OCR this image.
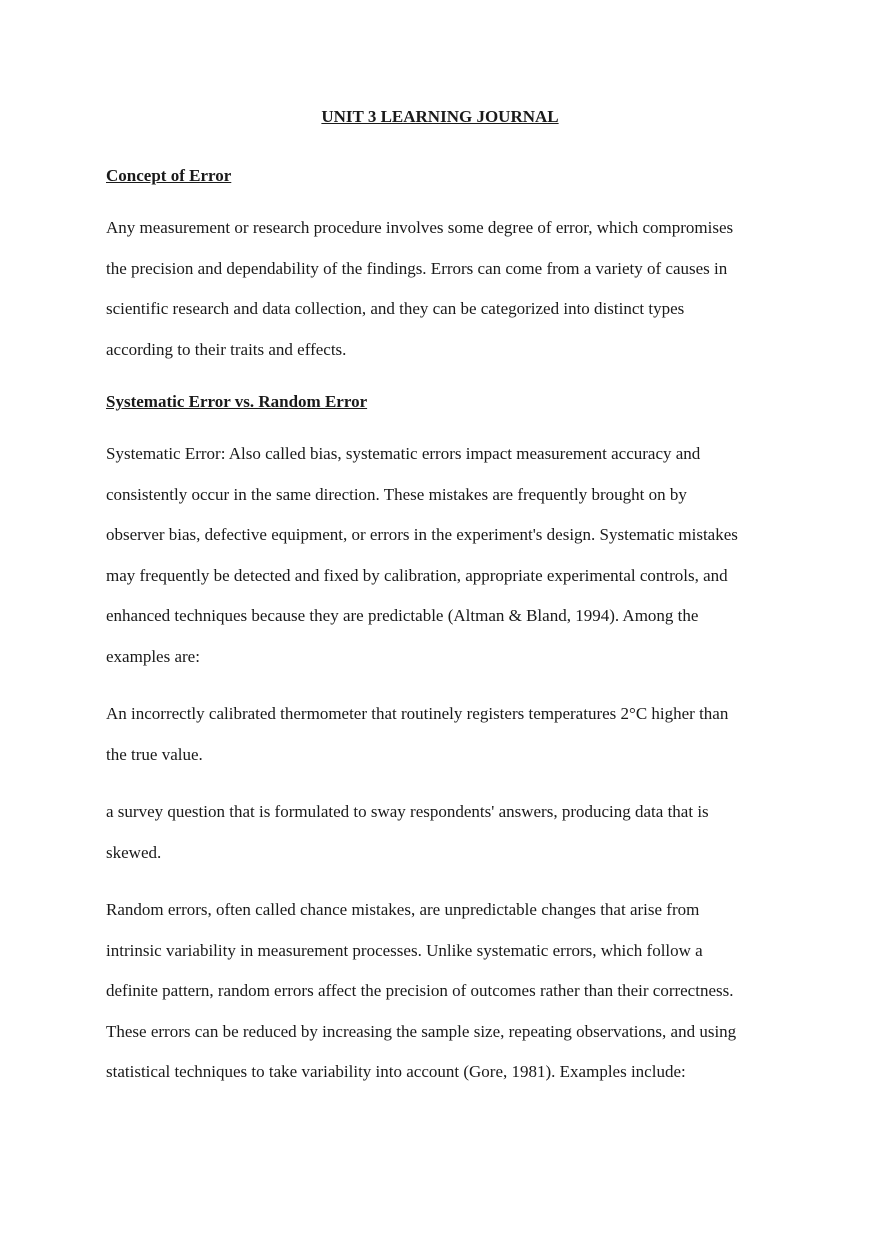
UNIT 3 LEARNING JOURNAL
Concept of Error

Any measurement or research procedure involves some degree of error, which compromises
the precision and dependability of the findings. Errors can come from a variety of causes in
scientific research and data collection, and they can be categorized into distinct types
according to their traits and effects.

Systematic Error vs. Random Error

Systematic Error: Also called bias, systematic errors impact measurement accuracy and
consistently occur in the same direction. These mistakes are frequently brought on by
observer bias, defective equipment, or errors in the experiment's design. Systematic mistakes
may frequently be detected and fixed by calibration, appropriate experimental controls, and
enhanced techniques because they are predictable (Altman & Bland, 1994). Among the
examples are:

An incorrectly calibrated thermometer that routinely registers temperatures 2°C higher than
the true value.

a survey question that is formulated to sway respondents' answers, producing data that is
skewed.

Random errors, often called chance mistakes, are unpredictable changes that arise from
intrinsic variability in measurement processes. Unlike systematic errors, which follow a
definite pattern, random errors affect the precision of outcomes rather than their correctness.
These errors can be reduced by increasing the sample size, repeating observations, and using
statistical techniques to take variability into account (Gore, 1981). Examples include:
